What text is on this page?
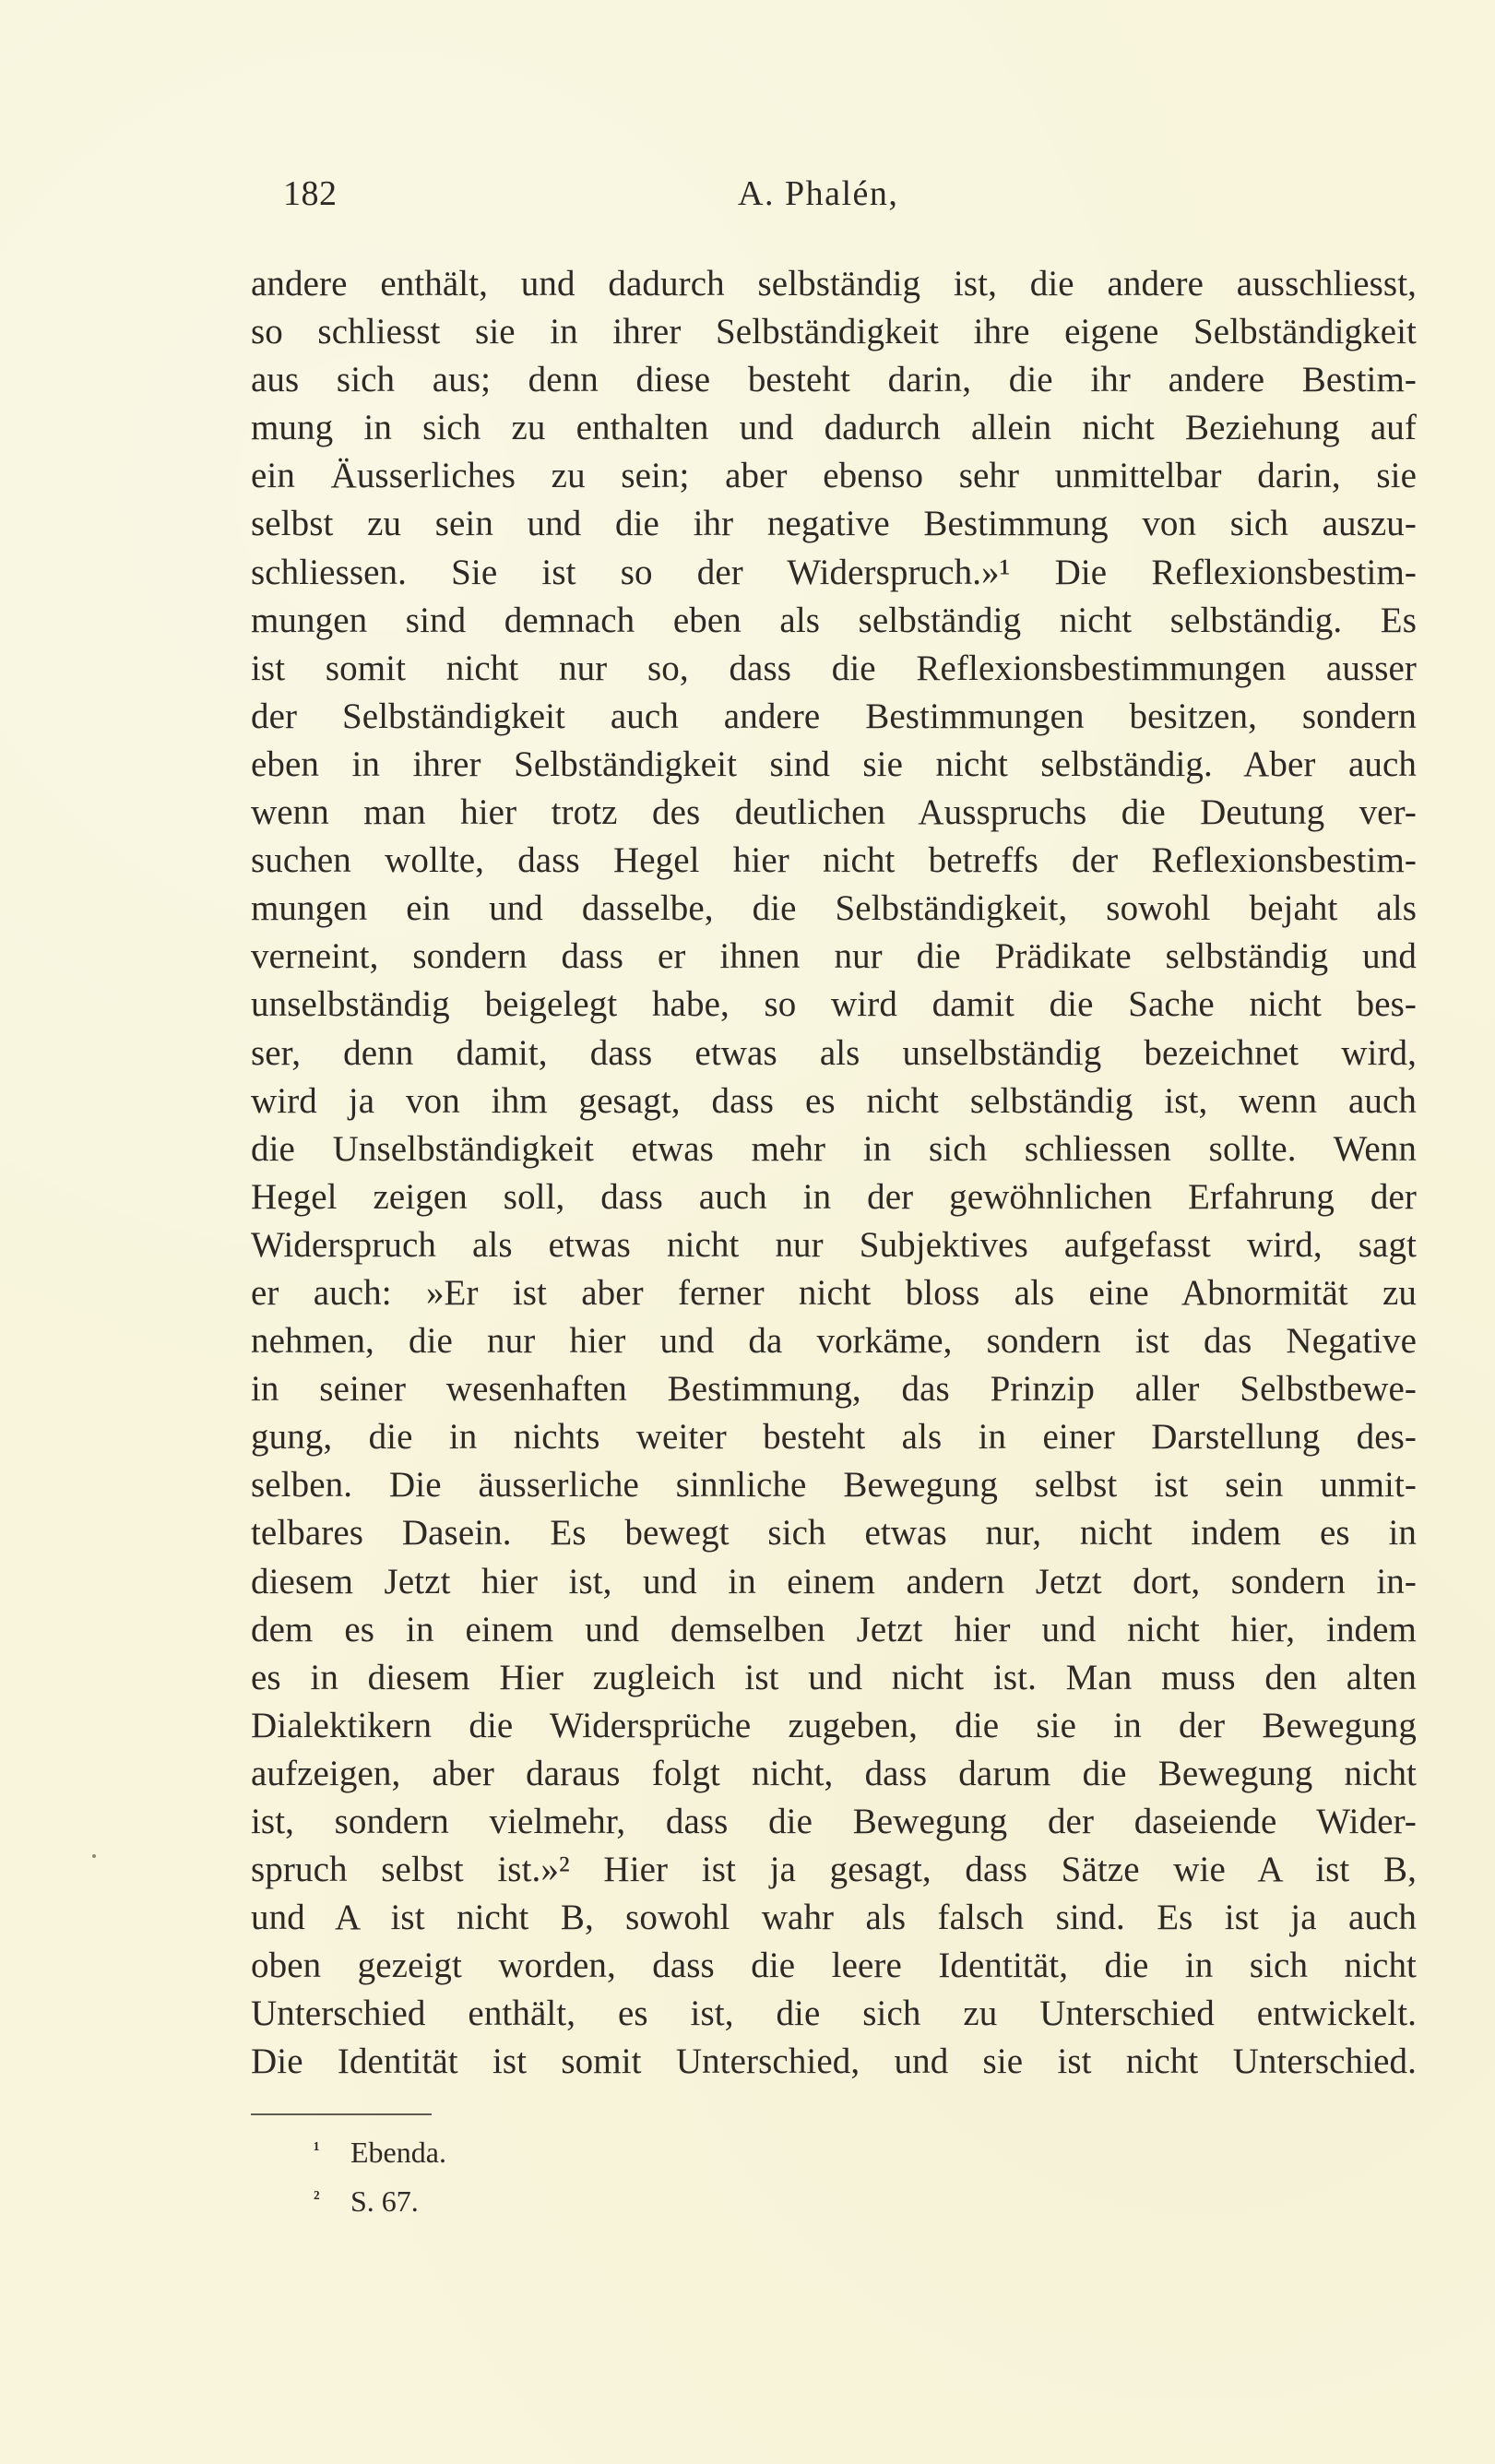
182	A. Phalén,
andere enthält, und dadurch selbständig ist, die andere ausschliesst,
so schliesst sie in ihrer Selbständigkeit ihre eigene Selbständigkeit
aus sich aus; denn diese besteht darin, die ihr andere Bestim-
mung in sich zu enthalten und dadurch allein nicht Beziehung auf
ein Äusserliches zu sein; aber ebenso sehr unmittelbar darin, sie
selbst zu sein und die ihr negative Bestimmung von sich auszu-
schliessen. Sie ist so der Widerspruch.»¹ Die Reflexionsbestim-
mungen sind demnach eben als selbständig nicht selbständig. Es
ist somit nicht nur so, dass die Reflexionsbestimmungen ausser
der Selbständigkeit auch andere Bestimmungen besitzen, sondern
eben in ihrer Selbständigkeit sind sie nicht selbständig. Aber auch
wenn man hier trotz des deutlichen Ausspruchs die Deutung ver-
suchen wollte, dass Hegel hier nicht betreffs der Reflexionsbestim-
mungen ein und dasselbe, die Selbständigkeit, sowohl bejaht als
verneint, sondern dass er ihnen nur die Prädikate selbständig und
unselbständig beigelegt habe, so wird damit die Sache nicht bes-
ser, denn damit, dass etwas als unselbständig bezeichnet wird,
wird ja von ihm gesagt, dass es nicht selbständig ist, wenn auch
die Unselbständigkeit etwas mehr in sich schliessen sollte. Wenn
Hegel zeigen soll, dass auch in der gewöhnlichen Erfahrung der
Widerspruch als etwas nicht nur Subjektives aufgefasst wird, sagt
er auch: »Er ist aber ferner nicht bloss als eine Abnormität zu
nehmen, die nur hier und da vorkäme, sondern ist das Negative
in seiner wesenhaften Bestimmung, das Prinzip aller Selbstbewe-
gung, die in nichts weiter besteht als in einer Darstellung des-
selben. Die äusserliche sinnliche Bewegung selbst ist sein unmit-
telbares Dasein. Es bewegt sich etwas nur, nicht indem es in
diesem Jetzt hier ist, und in einem andern Jetzt dort, sondern in-
dem es in einem und demselben Jetzt hier und nicht hier, indem
es in diesem Hier zugleich ist und nicht ist. Man muss den alten
Dialektikern die Widersprüche zugeben, die sie in der Bewegung
aufzeigen, aber daraus folgt nicht, dass darum die Bewegung nicht
ist, sondern vielmehr, dass die Bewegung der daseiende Wider-
spruch selbst ist.»² Hier ist ja gesagt, dass Sätze wie A ist B,
und A ist nicht B, sowohl wahr als falsch sind. Es ist ja auch
oben gezeigt worden, dass die leere Identität, die in sich nicht
Unterschied enthält, es ist, die sich zu Unterschied entwickelt.
Die Identität ist somit Unterschied, und sie ist nicht Unterschied.
¹ Ebenda.
² S. 67.
